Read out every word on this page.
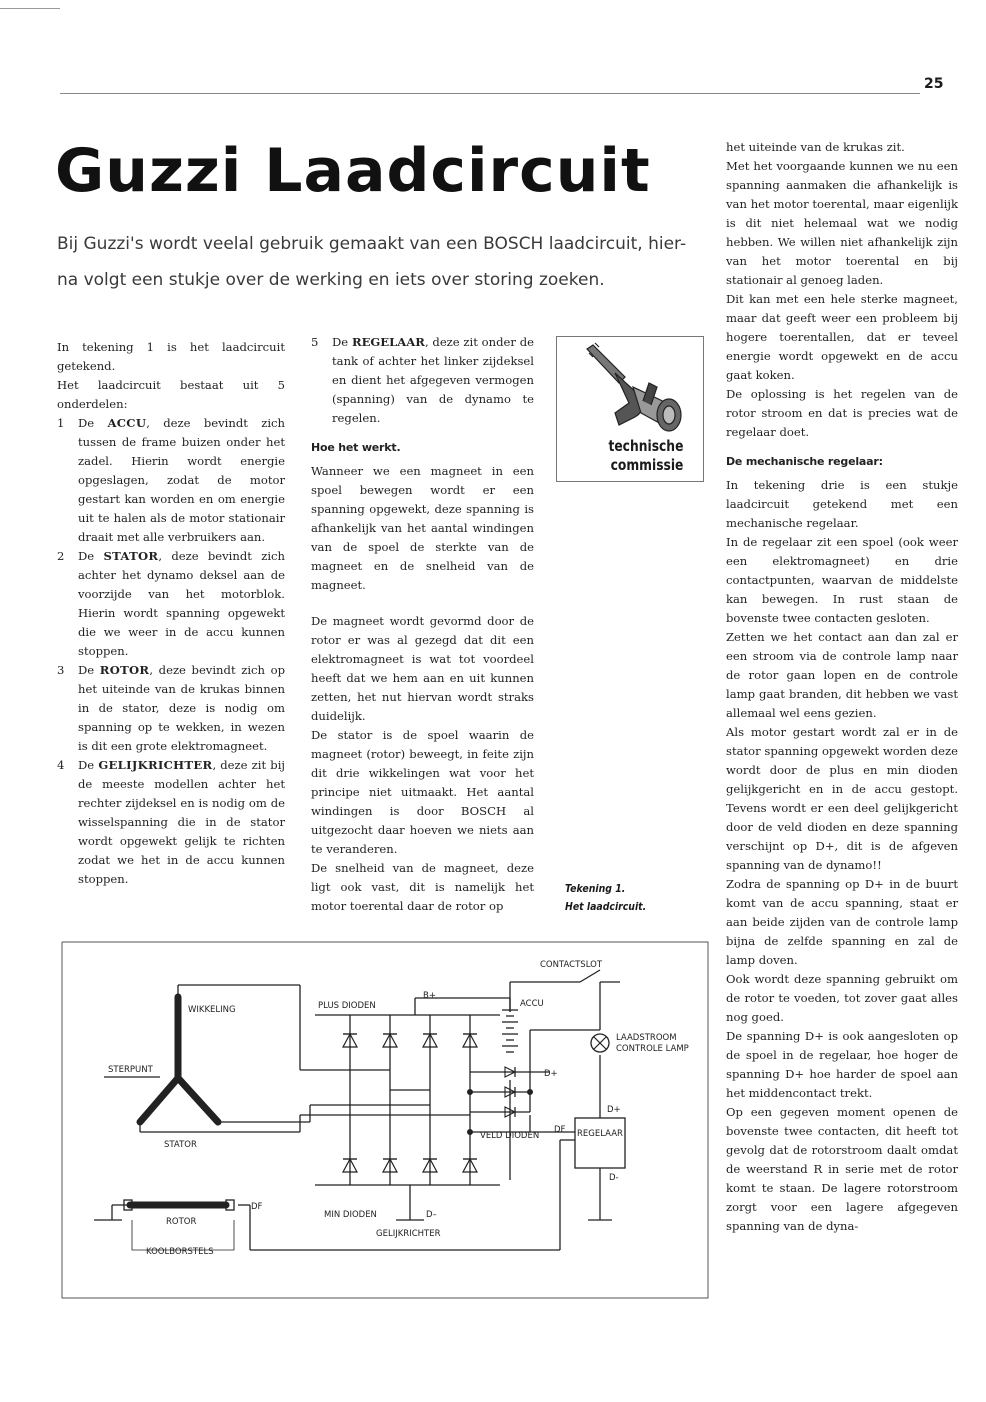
25
Guzzi Laadcircuit

Bij Guzzi's wordt veelal gebruik gemaakt van een BOSCH laadcircuit, hier-na volgt een stukje over de werking en iets over storing zoeken.

In tekening 1 is het laadcircuit getekend.

Het laadcircuit bestaat uit 5 onderdelen:

1 De ACCU, deze bevindt zich tussen de frame buizen onder het zadel. Hierin wordt energie opgeslagen, zodat de motor gestart kan worden en om energie uit te halen als de motor stationair draait met alle verbruikers aan.
2 De STATOR, deze bevindt zich achter het dynamo deksel aan de voorzijde van het motorblok. Hierin wordt spanning opgewekt die we weer in de accu kunnen stoppen.
3 De ROTOR, deze bevindt zich op het uiteinde van de krukas binnen in de stator, deze is nodig om spanning op te wekken, in wezen is dit een grote elektromagneet.
4 De GELIJKRICHTER, deze zit bij de meeste modellen achter het rechter zijdeksel en is nodig om de wisselspanning die in de stator wordt opgewekt gelijk te richten zodat we het in de accu kunnen stoppen.
5 De REGELAAR, deze zit onder de tank of achter het linker zijdeksel en dient het afgegeven vermogen (spanning) van de dynamo te regelen.
Hoe het werkt.

Wanneer we een magneet in een spoel bewegen wordt er een spanning opgewekt, deze spanning is afhankelijk van het aantal windingen van de spoel de sterkte van de magneet en de snelheid van de magneet.

De magneet wordt gevormd door de rotor er was al gezegd dat dit een elektromagneet is wat tot voordeel heeft dat we hem aan en uit kunnen zetten, het nut hiervan wordt straks duidelijk.

De stator is de spoel waarin de magneet (rotor) beweegt, in feite zijn dit drie wikkelingen wat voor het principe niet uitmaakt. Het aantal windingen is door BOSCH al uitgezocht daar hoeven we niets aan te veranderen.

De snelheid van de magneet, deze ligt ook vast, dit is namelijk het motor toerental daar de rotor op

technische
commissie
Tekening 1.
Het laadcircuit.

het uiteinde van de krukas zit.

Met het voorgaande kunnen we nu een spanning aanmaken die afhankelijk is van het motor toerental, maar eigenlijk is dit niet helemaal wat we nodig hebben. We willen niet afhankelijk zijn van het motor toerental en bij stationair al genoeg laden.

Dit kan met een hele sterke magneet, maar dat geeft weer een probleem bij hogere toerentallen, dat er teveel energie wordt opgewekt en de accu gaat koken.

De oplossing is het regelen van de rotor stroom en dat is precies wat de regelaar doet.

De mechanische regelaar:

In tekening drie is een stukje laadcircuit getekend met een mechanische regelaar.

In de regelaar zit een spoel (ook weer een elektromagneet) en drie contactpunten, waarvan de middelste kan bewegen. In rust staan de bovenste twee contacten gesloten.

Zetten we het contact aan dan zal er een stroom via de controle lamp naar de rotor gaan lopen en de controle lamp gaat branden, dit hebben we vast allemaal wel eens gezien.

Als motor gestart wordt zal er in de stator spanning opgewekt worden deze wordt door de plus en min dioden gelijkgericht en in de accu gestopt. Tevens wordt er een deel gelijkgericht door de veld dioden en deze spanning verschijnt op D+, dit is de afgeven spanning van de dynamo!!

Zodra de spanning op D+ in de buurt komt van de accu spanning, staat er aan beide zijden van de controle lamp bijna de zelfde spanning en zal de lamp doven.

Ook wordt deze spanning gebruikt om de rotor te voeden, tot zover gaat alles nog goed.

De spanning D+ is ook aangesloten op de spoel in de regelaar, hoe hoger de spanning D+ hoe harder de spoel aan het middencontact trekt.

Op een gegeven moment openen de bovenste twee contacten, dit heeft tot gevolg dat de rotorstroom daalt omdat de weerstand R in serie met de rotor komt te staan. De lagere rotorstroom zorgt voor een lagere afgegeven spanning van de dyna-

WIKKELING
STERPUNT
STATOR
PLUS DIODEN
B+
ACCU
CONTACTSLOT
LAADSTROOM
CONTROLE LAMP
D+
D+
VELD DIODEN
DF REGELAAR
D-
D–
MIN DIODEN
GELIJKRICHTER
ROTOR
DF
KOOLBORSTELS
